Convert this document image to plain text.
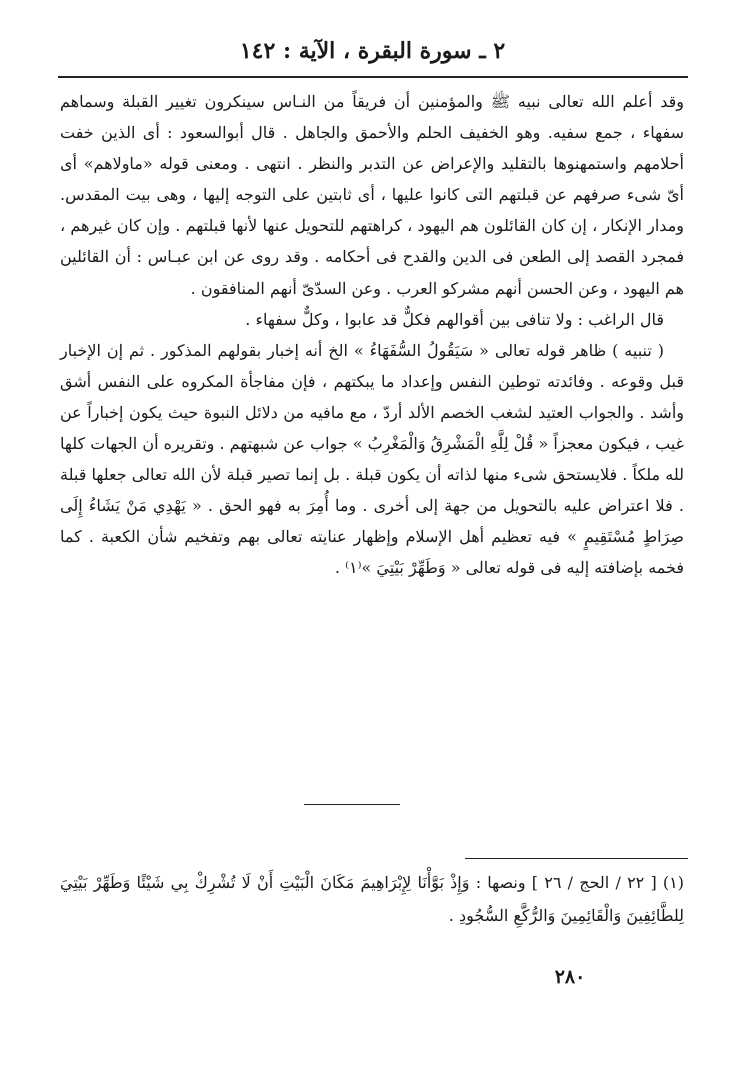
٢ ـ سورة البقرة ، الآية : ١٤٢

وقد أعلم الله تعالى نبيه ﷺ والمؤمنين أن فريقاً من النـاس سينكرون تغيير القبلة وسماهم سفهاء ، جمع سفيه. وهو الخفيف الحلم والأحمق والجاهل . قال أبوالسعود : أى الذين خفت أحلامهم واستمهنوها بالتقليد والإعراض عن التدبر والنظر . انتهى . ومعنى قوله «ماولاهم» أى أىّ شىء صرفهم عن قبلتهم التى كانوا عليها ، أى ثابتين على التوجه إليها ، وهى بيت المقدس. ومدار الإنكار ، إن كان القائلون هم اليهود ، كراهتهم للتحويل عنها لأنها قبلتهم . وإن كان غيرهم ، فمجرد القصد إلى الطعن فى الدين والقدح فى أحكامه . وقد روى عن ابن عبـاس : أن القائلين هم اليهود ، وعن الحسن أنهم مشركو العرب . وعن السدّىّ أنهم المنافقون .

قال الراغب : ولا تنافى بين أقوالهم فكلٌّ قد عابوا ، وكلٌّ سفهاء .

( تنبيه ) ظاهر قوله تعالى « سَيَقُولُ السُّفَهَاءُ » الخ أنه إخبار بقولهم المذكور . ثم إن الإخبار قبل وقوعه . وفائدته توطين النفس وإعداد ما يبكتهم ، فإن مفاجأة المكروه على النفس أشق وأشد . والجواب العتيد لشغب الخصم الألد أردّ ، مع مافيه من دلائل النبوة حيث يكون إخباراً عن غيب ، فيكون معجزاً « قُلْ لِلَّهِ الْمَشْرِقُ وَالْمَغْرِبُ » جواب عن شبهتهم . وتقريره أن الجهات كلها لله ملكاً . فلايستحق شىء منها لذاته أن يكون قبلة . بل إنما تصير قبلة لأن الله تعالى جعلها قبلة . فلا اعتراض عليه بالتحويل من جهة إلى أخرى . وما أُمِرَ به فهو الحق . « يَهْدِي مَنْ يَشَاءُ إِلَى صِرَاطٍ مُسْتَقِيمٍ » فيه تعظيم أهل الإسلام وإظهار عنايته تعالى بهم وتفخيم شأن الكعبة . كما فخمه بإضافته إليه فى قوله تعالى « وَطَهِّرْ بَيْتِيَ »⁽١⁾ .

(١) [ ٢٢ / الحج / ٢٦ ] ونصها : وَإِذْ بَوَّأْنَا لِإِبْرَاهِيمَ مَكَانَ الْبَيْتِ أَنْ لَا تُشْرِكْ بِي شَيْئًا وَطَهِّرْ بَيْتِيَ لِلطَّائِفِينَ وَالْقَائِمِينَ وَالرُّكَّعِ السُّجُودِ .

٢٨٠
